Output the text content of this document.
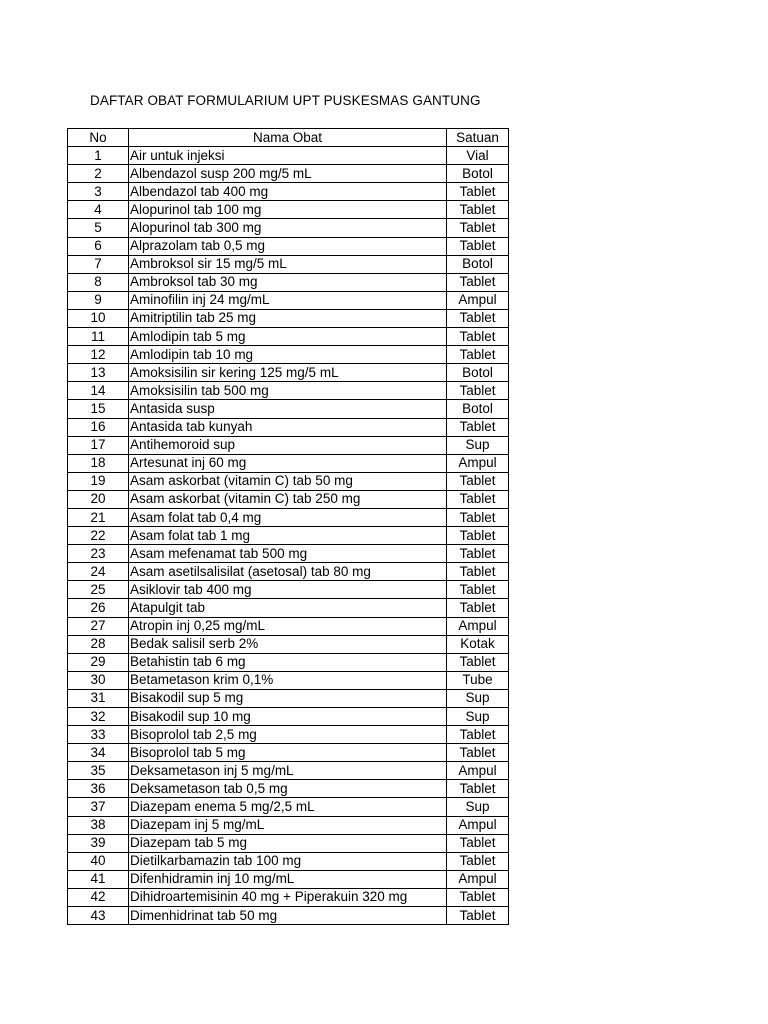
DAFTAR OBAT FORMULARIUM UPT PUSKESMAS GANTUNG
No	Nama Obat	Satuan
1	Air untuk injeksi	Vial
2	Albendazol susp 200 mg/5 mL	Botol
3	Albendazol tab 400 mg	Tablet
4	Alopurinol tab 100 mg	Tablet
5	Alopurinol tab 300 mg	Tablet
6	Alprazolam tab 0,5 mg	Tablet
7	Ambroksol sir 15 mg/5 mL	Botol
8	Ambroksol tab 30 mg	Tablet
9	Aminofilin inj 24 mg/mL	Ampul
10	Amitriptilin tab 25 mg	Tablet
11	Amlodipin tab 5 mg	Tablet
12	Amlodipin tab 10 mg	Tablet
13	Amoksisilin sir kering 125 mg/5 mL	Botol
14	Amoksisilin tab 500 mg	Tablet
15	Antasida susp	Botol
16	Antasida tab kunyah	Tablet
17	Antihemoroid sup	Sup
18	Artesunat inj 60 mg	Ampul
19	Asam askorbat (vitamin C) tab 50 mg	Tablet
20	Asam askorbat (vitamin C) tab 250 mg	Tablet
21	Asam folat tab 0,4 mg	Tablet
22	Asam folat tab 1 mg	Tablet
23	Asam mefenamat tab 500 mg	Tablet
24	Asam asetilsalisilat (asetosal) tab 80 mg	Tablet
25	Asiklovir tab 400 mg	Tablet
26	Atapulgit tab	Tablet
27	Atropin inj 0,25 mg/mL	Ampul
28	Bedak salisil serb 2%	Kotak
29	Betahistin tab 6 mg	Tablet
30	Betametason krim 0,1%	Tube
31	Bisakodil sup 5 mg	Sup
32	Bisakodil sup 10 mg	Sup
33	Bisoprolol tab 2,5 mg	Tablet
34	Bisoprolol tab 5 mg	Tablet
35	Deksametason inj 5 mg/mL	Ampul
36	Deksametason tab 0,5 mg	Tablet
37	Diazepam enema 5 mg/2,5 mL	Sup
38	Diazepam inj 5 mg/mL	Ampul
39	Diazepam tab 5 mg	Tablet
40	Dietilkarbamazin tab 100 mg	Tablet
41	Difenhidramin inj 10 mg/mL	Ampul
42	Dihidroartemisinin 40 mg + Piperakuin 320 mg	Tablet
43	Dimenhidrinat tab 50 mg	Tablet
